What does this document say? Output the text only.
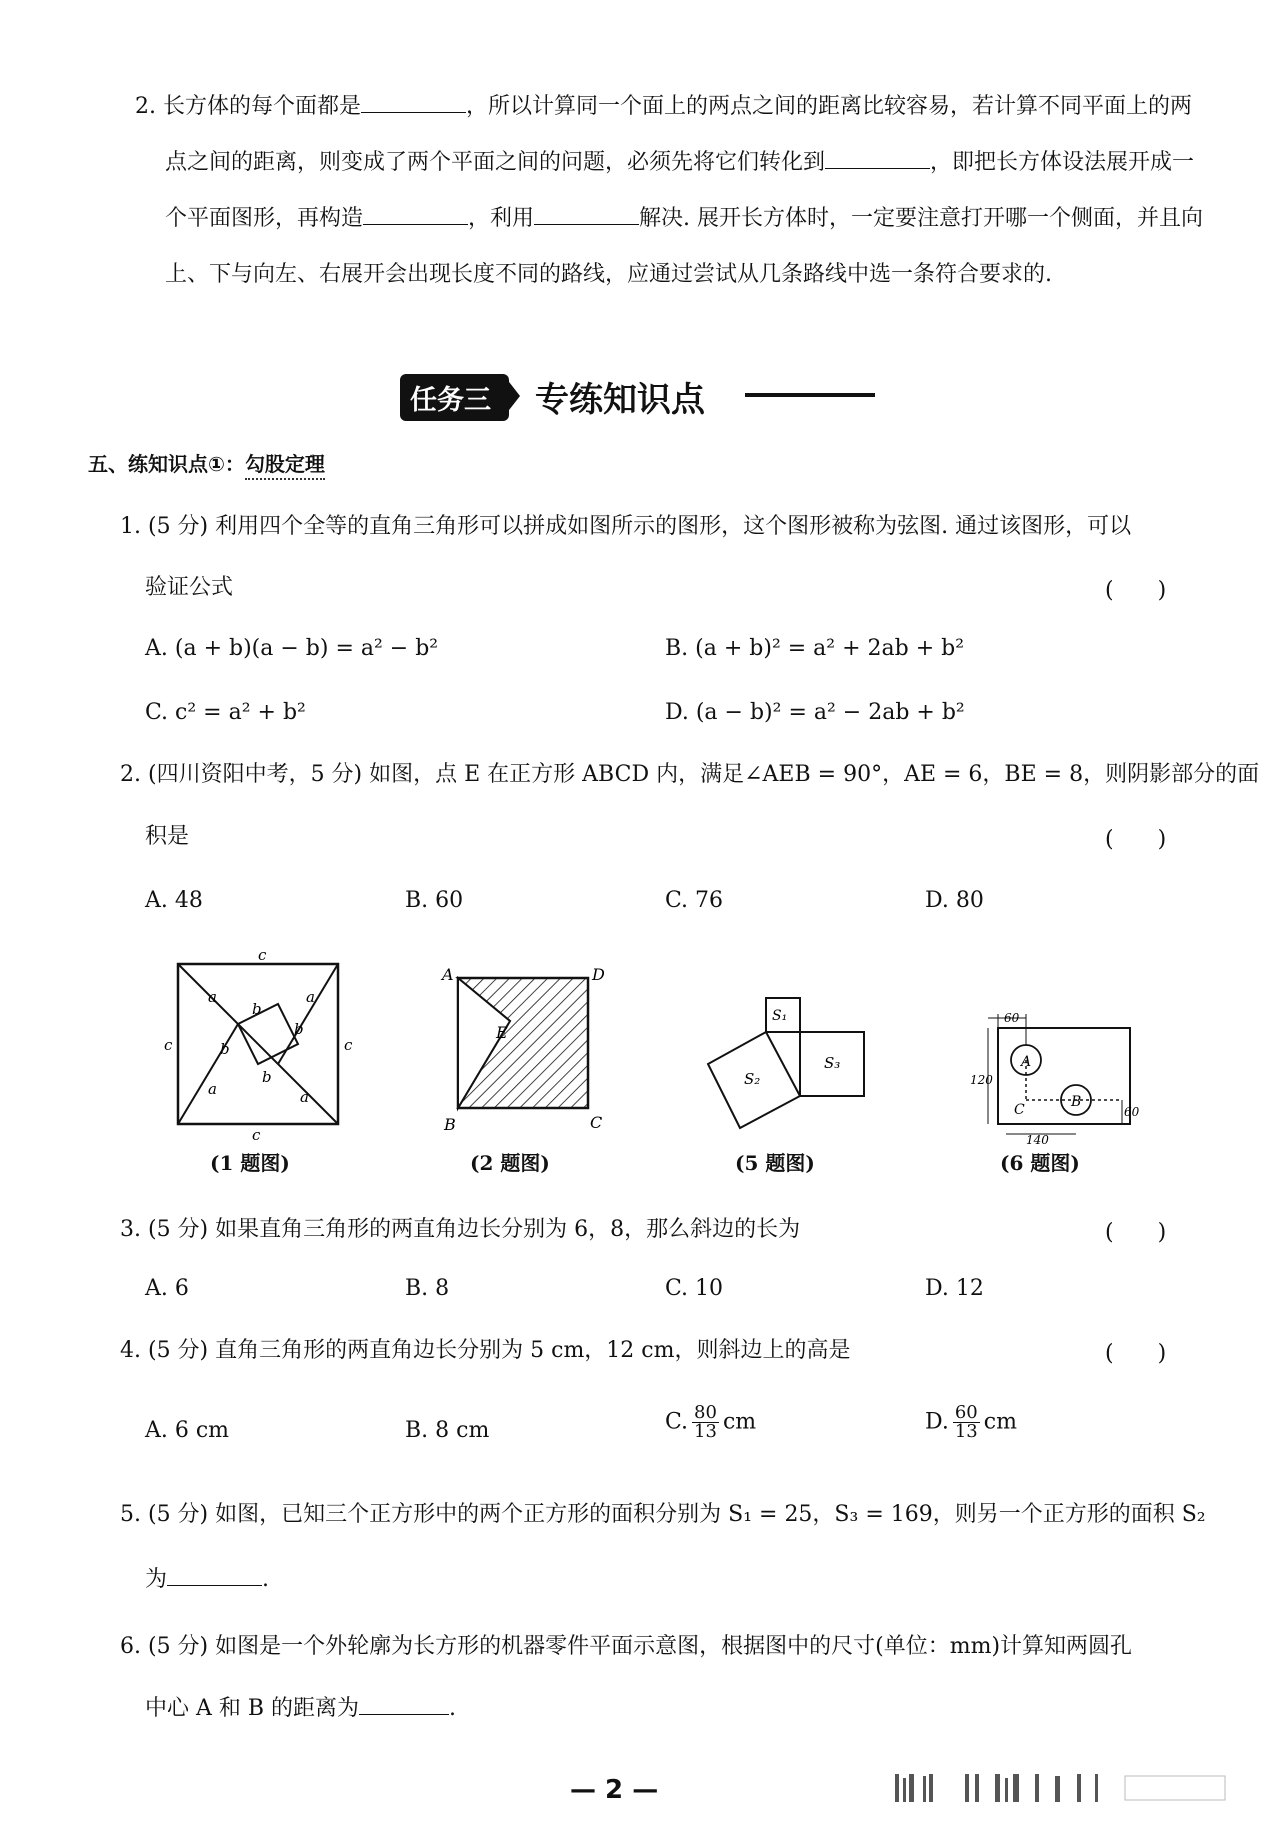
2. 长方体的每个面都是	，所以计算同一个面上的两点之间的距离比较容易，若计算不同平面上的两
点之间的距离，则变成了两个平面之间的问题，必须先将它们转化到	，即把长方体设法展开成一
个平面图形，再构造	，利用	解决. 展开长方体时，一定要注意打开哪一个侧面，并且向
上、下与向左、右展开会出现长度不同的路线，应通过尝试从几条路线中选一条符合要求的.
任务三	专练知识点
五、练知识点①：勾股定理
1. (5 分) 利用四个全等的直角三角形可以拼成如图所示的图形，这个图形被称为弦图. 通过该图形，可以
验证公式	(　　)
A. (a + b)(a − b) = a² − b²	B. (a + b)² = a² + 2ab + b²
C. c² = a² + b²	D. (a − b)² = a² − 2ab + b²
2. (四川资阳中考，5 分) 如图，点 E 在正方形 ABCD 内，满足∠AEB = 90°，AE = 6，BE = 8，则阴影部分的面
积是	(　　)
A. 48	B. 60	C. 76	D. 80
c
c	c
c
a	a
a	a
b
b
b
b
(1 题图)
A	D
B	C
E
(2 题图)
S₁
S₃
S₂
(5 题图)
60
120
140
60
A
B
C
(6 题图)
3. (5 分) 如果直角三角形的两直角边长分别为 6，8，那么斜边的长为	(　　)
A. 6	B. 8	C. 10	D. 12
4. (5 分) 直角三角形的两直角边长分别为 5 cm，12 cm，则斜边上的高是	(　　)
A. 6 cm	B. 8 cm	C. $\frac{80}{13}$ cm	D. $\frac{60}{13}$ cm
5. (5 分) 如图，已知三个正方形中的两个正方形的面积分别为 S₁ = 25，S₃ = 169，则另一个正方形的面积 S₂
为	.
6. (5 分) 如图是一个外轮廓为长方形的机器零件平面示意图，根据图中的尺寸(单位：mm)计算知两圆孔
中心 A 和 B 的距离为	.
— 2 —
